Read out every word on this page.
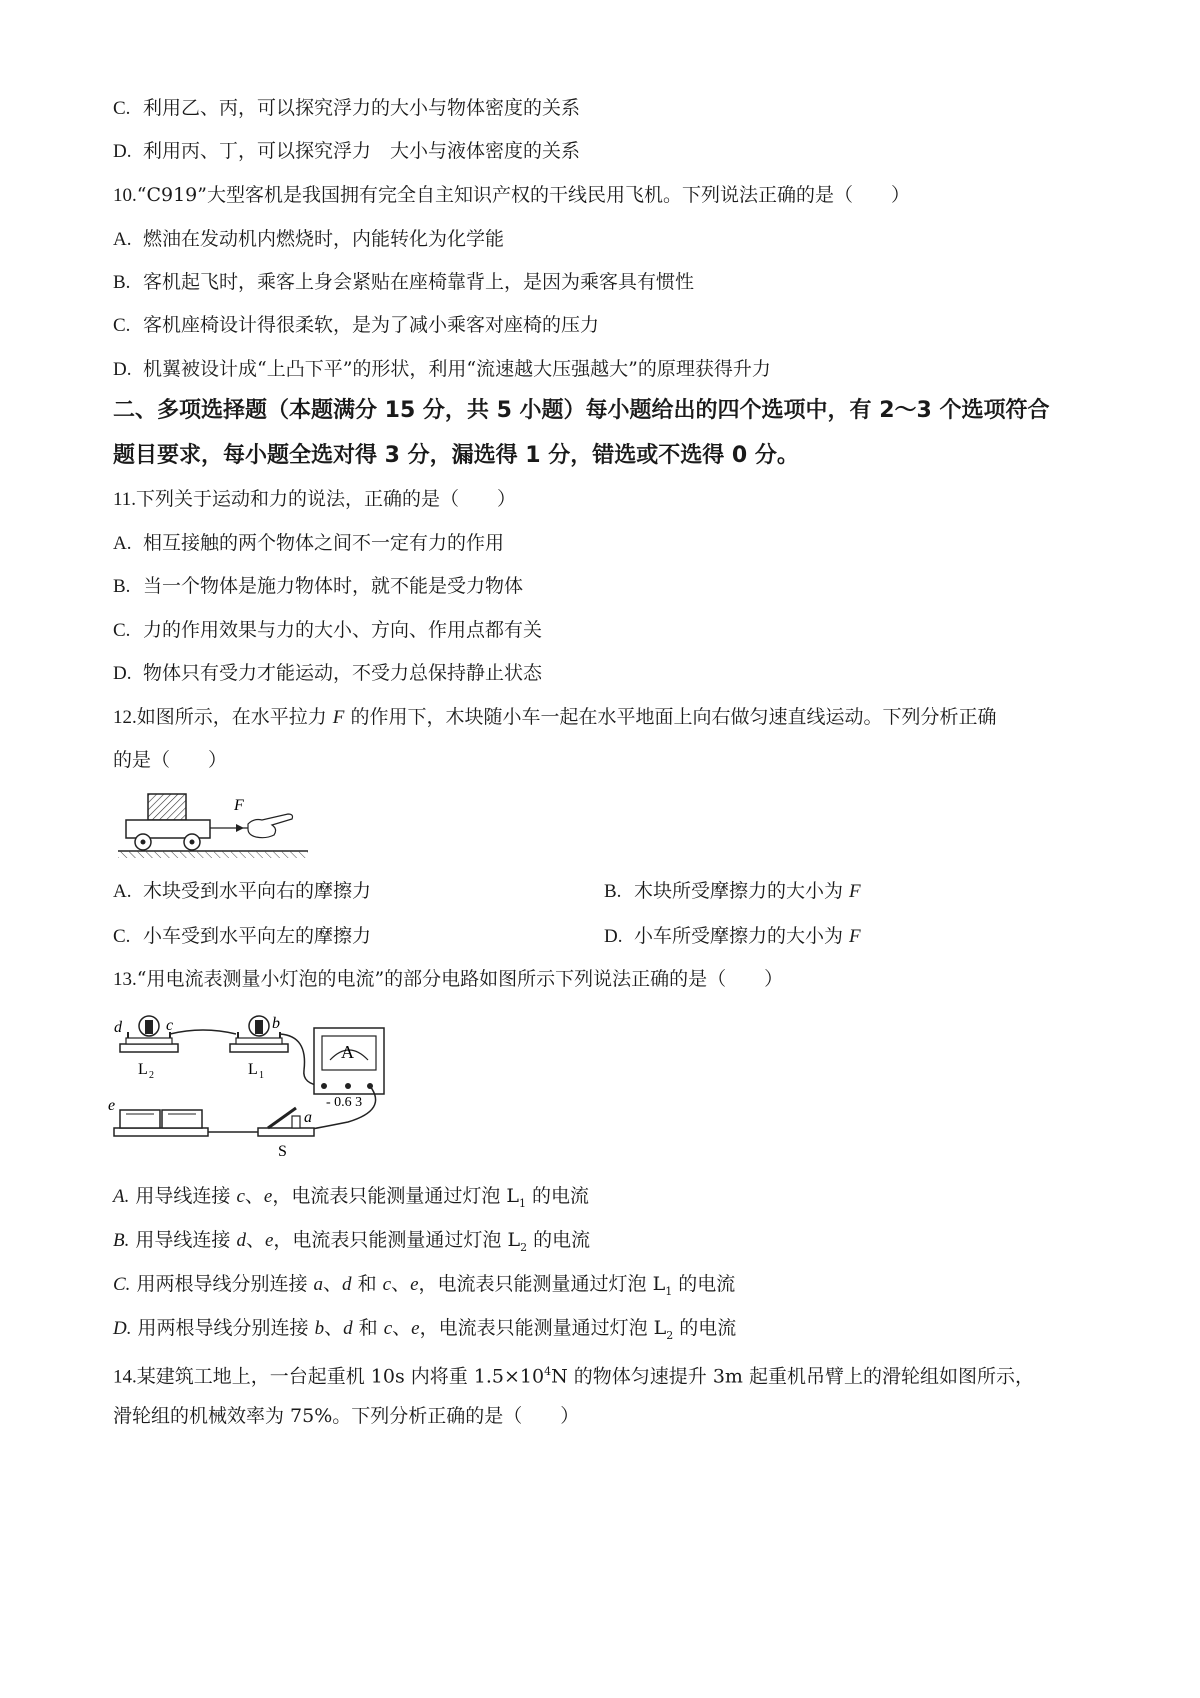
C. 利用乙、丙，可以探究浮力的大小与物体密度的关系
D. 利用丙、丁，可以探究浮力　大小与液体密度的关系
10.“C919”大型客机是我国拥有完全自主知识产权的干线民用飞机。下列说法正确的是（　　）
A. 燃油在发动机内燃烧时，内能转化为化学能
B. 客机起飞时，乘客上身会紧贴在座椅靠背上，是因为乘客具有惯性
C. 客机座椅设计得很柔软，是为了减小乘客对座椅的压力
D. 机翼被设计成“上凸下平”的形状，利用“流速越大压强越大”的原理获得升力
二、多项选择题（本题满分 15 分，共 5 小题）每小题给出的四个选项中，有 2～3 个选项符合
题目要求，每小题全选对得 3 分，漏选得 1 分，错选或不选得 0 分。
11.下列关于运动和力的说法，正确的是（　　）
A. 相互接触的两个物体之间不一定有力的作用
B. 当一个物体是施力物体时，就不能是受力物体
C. 力的作用效果与力的大小、方向、作用点都有关
D. 物体只有受力才能运动，不受力总保持静止状态
12.如图所示，在水平拉力 F 的作用下，木块随小车一起在水平地面上向右做匀速直线运动。下列分析正确
的是（　　）
F
A. 木块受到水平向右的摩擦力	B. 木块所受摩擦力的大小为 F
C. 小车受到水平向左的摩擦力	D. 小车所受摩擦力的大小为 F
13.“用电流表测量小灯泡的电流”的部分电路如图所示下列说法正确的是（　　）
d	c
L 2
b
L 1
A
- 0.6 3
e
a
S
A. 用导线连接 c、e，电流表只能测量通过灯泡 $L_1$ 的电流
B. 用导线连接 d、e，电流表只能测量通过灯泡 $L_2$ 的电流
C. 用两根导线分别连接 a、d 和 c、e，电流表只能测量通过灯泡 $L_1$ 的电流
D. 用两根导线分别连接 b、d 和 c、e，电流表只能测量通过灯泡 $L_2$ 的电流
14.某建筑工地上，一台起重机 10s 内将重 $1.5\times 10^4N$ 的物体匀速提升 3m 起重机吊臂上的滑轮组如图所示，
滑轮组的机械效率为 75%。下列分析正确的是（　　）
